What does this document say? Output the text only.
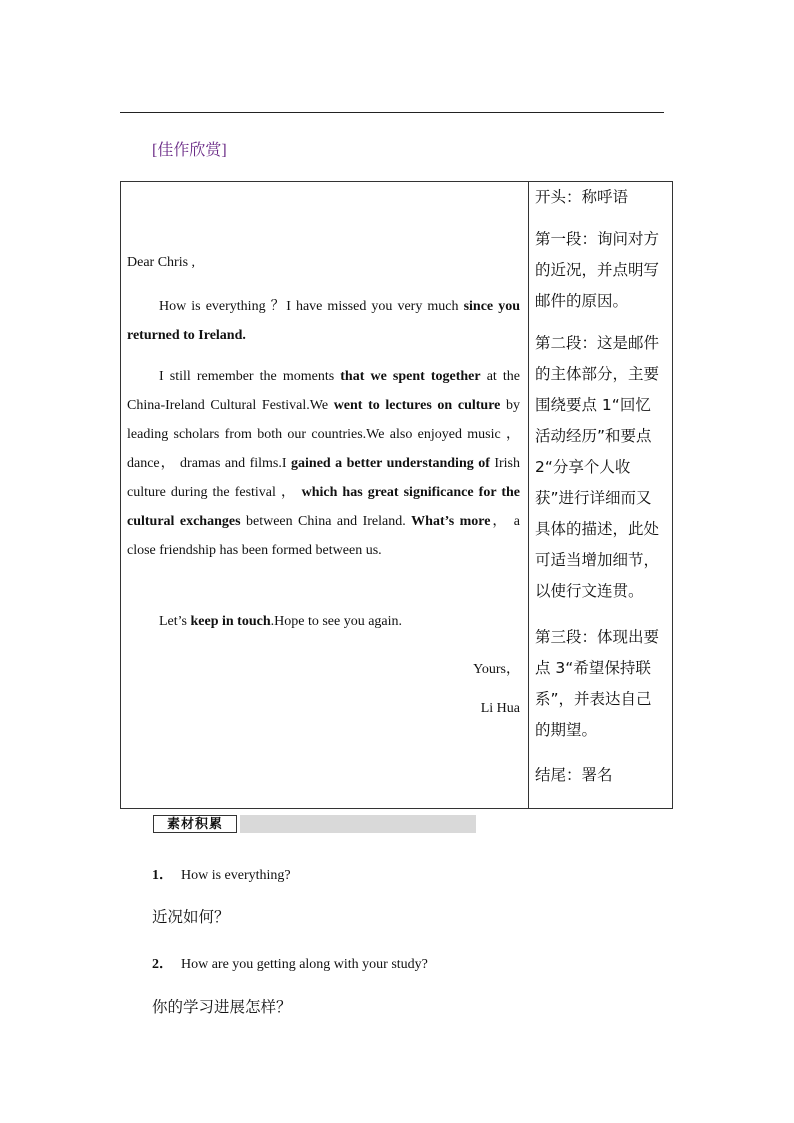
[佳作欣赏]
Dear Chris ,
How is everything ？I have missed you very much since you returned to Ireland.
I still remember the moments that we spent together at the China-Ireland Cultural Festival.We went to lectures on culture by leading scholars from both our countries.We also enjoyed music ， dance， dramas and films.I gained a better understanding of Irish culture during the festival ， which has great significance for the cultural exchanges between China and Ireland. What’s more， a close friendship has been formed between us.
Let’s keep in touch.Hope to see you again.
Yours，
Li Hua
开头：称呼语
第一段：询问对方的近况，并点明写邮件的原因。
第二段：这是邮件的主体部分，主要围绕要点 1“回忆活动经历”和要点 2“分享个人收获”进行详细而又具体的描述，此处可适当增加细节，以使行文连贯。
第三段：体现出要点 3“希望保持联系”，并表达自己的期望。
结尾：署名
素材积累
1． How is everything?
近况如何？
2． How are you getting along with your study?
你的学习进展怎样？
